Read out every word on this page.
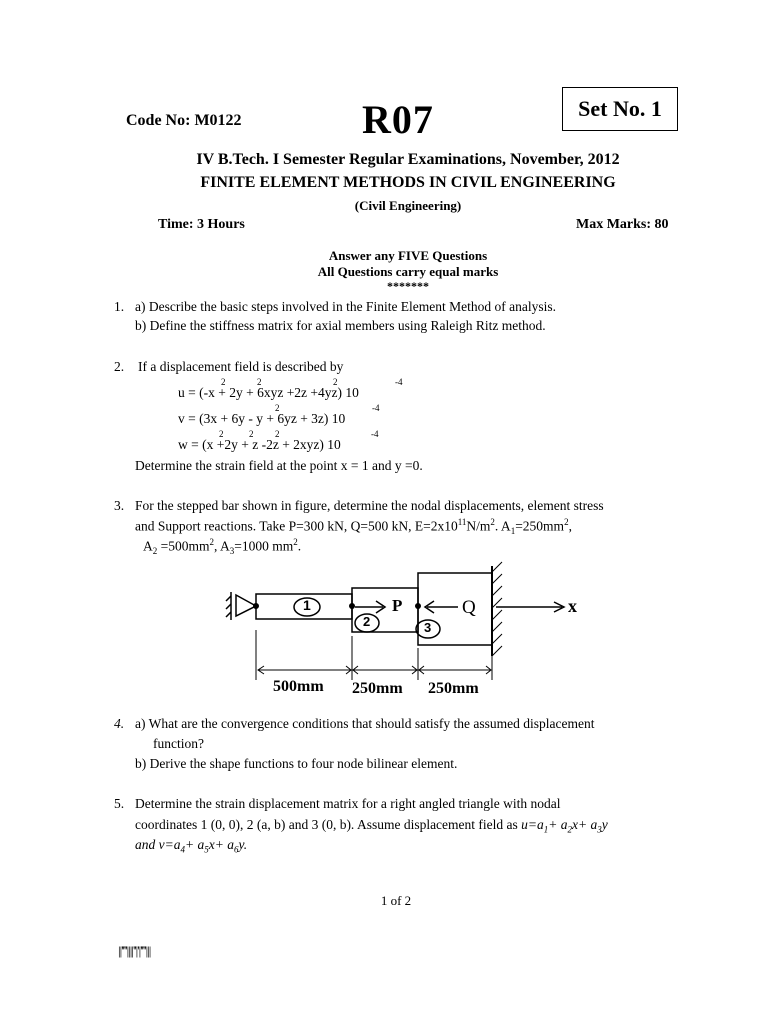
Code No: M0122	R07	Set No. 1
IV B.Tech. I Semester Regular Examinations, November, 2012
FINITE ELEMENT METHODS IN CIVIL ENGINEERING
(Civil Engineering)
Time: 3 Hours	Max Marks: 80
Answer any FIVE Questions
All Questions carry equal marks
*******
1. a) Describe the basic steps involved in the Finite Element Method of analysis.
b) Define the stiffness matrix for axial members using Raleigh Ritz method.
2. If a displacement field is described by
u = (-x + 2y + 6xyz +2z +4yz) 10
2	2	2	-4
v = (3x + 6y - y + 6yz + 3z) 10
2	-4
w = (x +2y + z -2z + 2xyz) 10
2	2 2	-4
Determine the strain field at the point x = 1 and y =0.
3. For the stepped bar shown in figure, determine the nodal displacements, element stress
and Support reactions. Take P=300 kN, Q=500 kN, $E=2x10^{11}N/m^2$. $A_1=250mm^2$,
$A_2 =500mm^2$, $A_3=1000$ $mm^2$.
1
2	3
P	Q	x
500mm 250mm 250mm
4. a) What are the convergence conditions that should satisfy the assumed displacement
function?
b) Derive the shape functions to four node bilinear element.
5. Determine the strain displacement matrix for a right angled triangle with nodal
coordinates 1 (0, 0), 2 (a, b) and 3 (0, b). Assume displacement field as $u=a_1+ a_2x+ a_3y$
and $v=a_4+ a_5x+ a_6y$.
1 of 2
||''''||||''|'|''''|||
